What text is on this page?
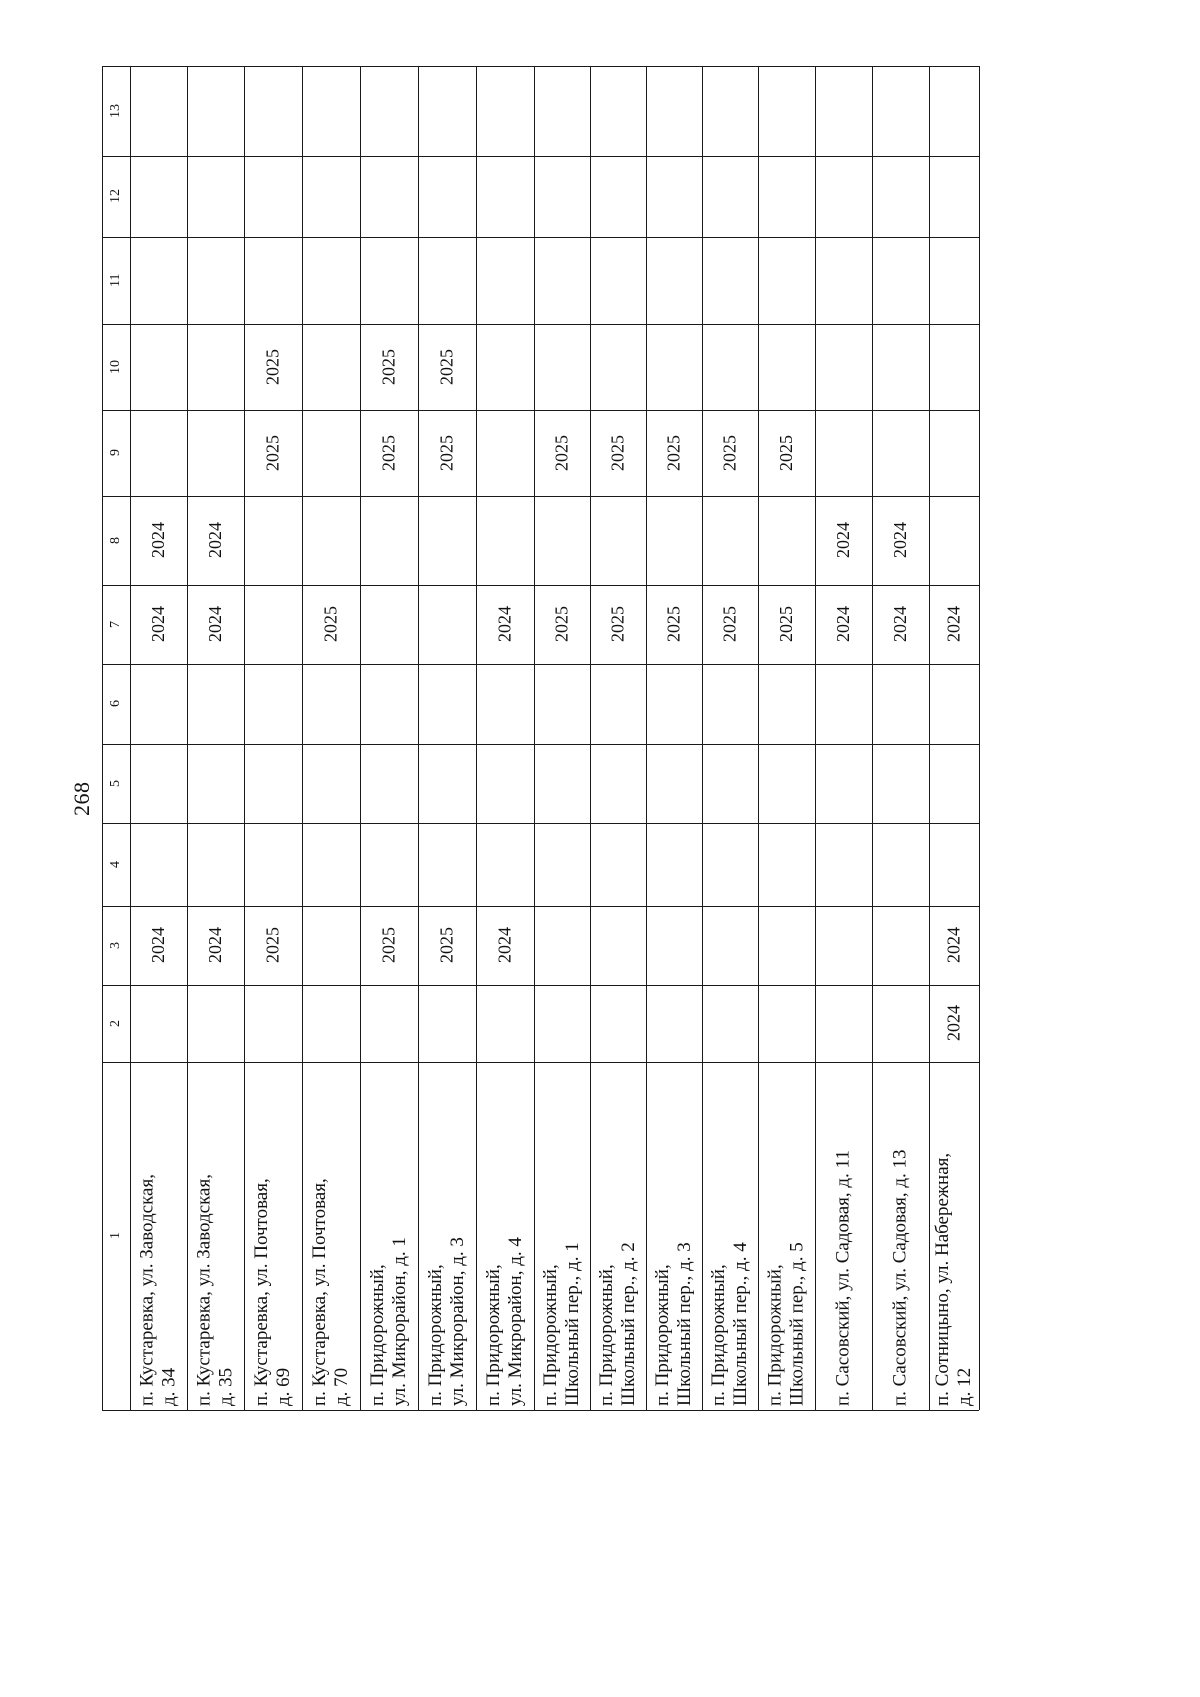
268
1
2
3
4
5
6
7
8
9
10
11
12
13
п. Кустаревка, ул. Заводская, д. 34
2024
2024
2024
п. Кустаревка, ул. Заводская, д. 35
2024
2024
2024
п. Кустаревка, ул. Почтовая, д. 69
2025
2025
2025
п. Кустаревка, ул. Почтовая, д. 70
2025
п. Придорожный, ул. Микрорайон, д. 1
2025
2025
2025
п. Придорожный, ул. Микрорайон, д. 3
2025
2025
2025
п. Придорожный, ул. Микрорайон, д. 4
2024
2024
п. Придорожный, Школьный пер., д. 1
2025
2025
п. Придорожный, Школьный пер., д. 2
2025
2025
п. Придорожный, Школьный пер., д. 3
2025
2025
п. Придорожный, Школьный пер., д. 4
2025
2025
п. Придорожный, Школьный пер., д. 5
2025
2025
п. Сасовский, ул. Садовая, д. 11
2024
2024
п. Сасовский, ул. Садовая, д. 13
2024
2024
п. Сотницыно, ул. Набережная, д. 12
2024
2024
2024
